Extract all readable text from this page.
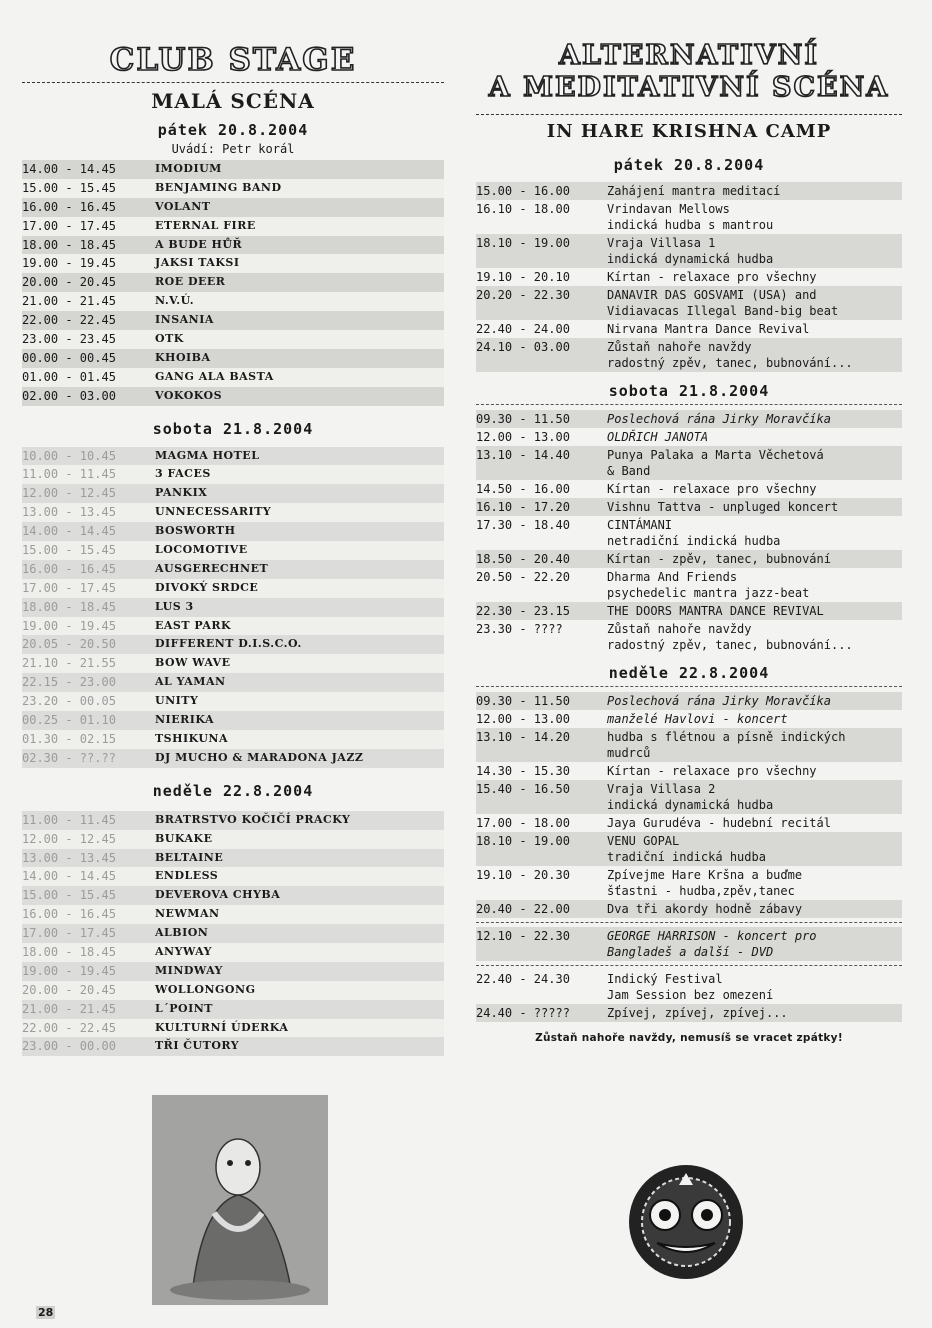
CLUB STAGE
MALÁ SCÉNA
pátek 20.8.2004
Uvádí: Petr korál
14.00 - 14.45	IMODIUM
15.00 - 15.45	BENJAMING BAND
16.00 - 16.45	VOLANT
17.00 - 17.45	ETERNAL FIRE
18.00 - 18.45	A BUDE HŮŘ
19.00 - 19.45	JAKSI TAKSI
20.00 - 20.45	ROE DEER
21.00 - 21.45	N.V.Ú.
22.00 - 22.45	INSANIA
23.00 - 23.45	OTK
00.00 - 00.45	KHOIBA
01.00 - 01.45	GANG ALA BASTA
02.00 - 03.00	VOKOKOS
sobota 21.8.2004
10.00 - 10.45	MAGMA HOTEL
11.00 - 11.45	3 FACES
12.00 - 12.45	PANKIX
13.00 - 13.45	UNNECESSARITY
14.00 - 14.45	BOSWORTH
15.00 - 15.45	LOCOMOTIVE
16.00 - 16.45	AUSGERECHNET
17.00 - 17.45	DIVOKÝ SRDCE
18.00 - 18.45	LUS 3
19.00 - 19.45	EAST PARK
20.05 - 20.50	DIFFERENT D.I.S.C.O.
21.10 - 21.55	BOW WAVE
22.15 - 23.00	AL YAMAN
23.20 - 00.05	UNITY
00.25 - 01.10	NIERIKA
01.30 - 02.15	TSHIKUNA
02.30 - ??.??	DJ MUCHO & MARADONA JAZZ
neděle 22.8.2004
11.00 - 11.45	BRATRSTVO KOČIČÍ PRACKY
12.00 - 12.45	BUKAKE
13.00 - 13.45	BELTAINE
14.00 - 14.45	ENDLESS
15.00 - 15.45	DEVEROVA CHYBA
16.00 - 16.45	NEWMAN
17.00 - 17.45	ALBION
18.00 - 18.45	ANYWAY
19.00 - 19.45	MINDWAY
20.00 - 20.45	WOLLONGONG
21.00 - 21.45	L´POINT
22.00 - 22.45	KULTURNÍ ÚDERKA
23.00 - 00.00	TŘI ČUTORY
ALTERNATIVNÍ
A MEDITATIVNÍ SCÉNA
IN HARE KRISHNA CAMP
pátek 20.8.2004
15.00 - 16.00	Zahájení mantra meditací
16.10 - 18.00	Vrindavan Mellows
indická hudba s mantrou
18.10 - 19.00	Vraja Villasa 1
indická dynamická hudba
19.10 - 20.10	Kírtan - relaxace pro všechny
20.20 - 22.30	DANAVIR DAS GOSVAMI (USA) and
Vidiavacas Illegal Band-big beat
22.40 - 24.00	Nirvana Mantra Dance Revival
24.10 - 03.00	Zůstaň nahoře navždy
radostný zpěv, tanec, bubnování...
sobota 21.8.2004
09.30 - 11.50	Poslechová rána Jirky Moravčíka
12.00 - 13.00	OLDŘICH JANOTA
13.10 - 14.40	Punya Palaka a Marta Věchetová
& Band
14.50 - 16.00	Kírtan - relaxace pro všechny
16.10 - 17.20	Vishnu Tattva - unpluged koncert
17.30 - 18.40	CINTÁMANI
netradiční indická hudba
18.50 - 20.40	Kírtan - zpěv, tanec, bubnování
20.50 - 22.20	Dharma And Friends
psychedelic mantra jazz-beat
22.30 - 23.15	THE DOORS MANTRA DANCE REVIVAL
23.30 - ????	Zůstaň nahoře navždy
radostný zpěv, tanec, bubnování...
neděle 22.8.2004
09.30 - 11.50	Poslechová rána Jirky Moravčíka
12.00 - 13.00	manželé Havlovi - koncert
13.10 - 14.20	hudba s flétnou a písně indických
mudrců
14.30 - 15.30	Kírtan - relaxace pro všechny
15.40 - 16.50	Vraja Villasa 2
indická dynamická hudba
17.00 - 18.00	Jaya Gurudéva - hudební recitál
18.10 - 19.00	VENU GOPAL
tradiční indická hudba
19.10 - 20.30	Zpívejme Hare Kršna a buďme
šťastni - hudba,zpěv,tanec
20.40 - 22.00	Dva tři akordy hodně zábavy
12.10 - 22.30	GEORGE HARRISON - koncert pro
Bangladeš a další - DVD
22.40 - 24.30	Indický Festival
Jam Session bez omezení
24.40 - ?????	Zpívej, zpívej, zpívej...
Zůstaň nahoře navždy, nemusíš se vracet zpátky!
28
